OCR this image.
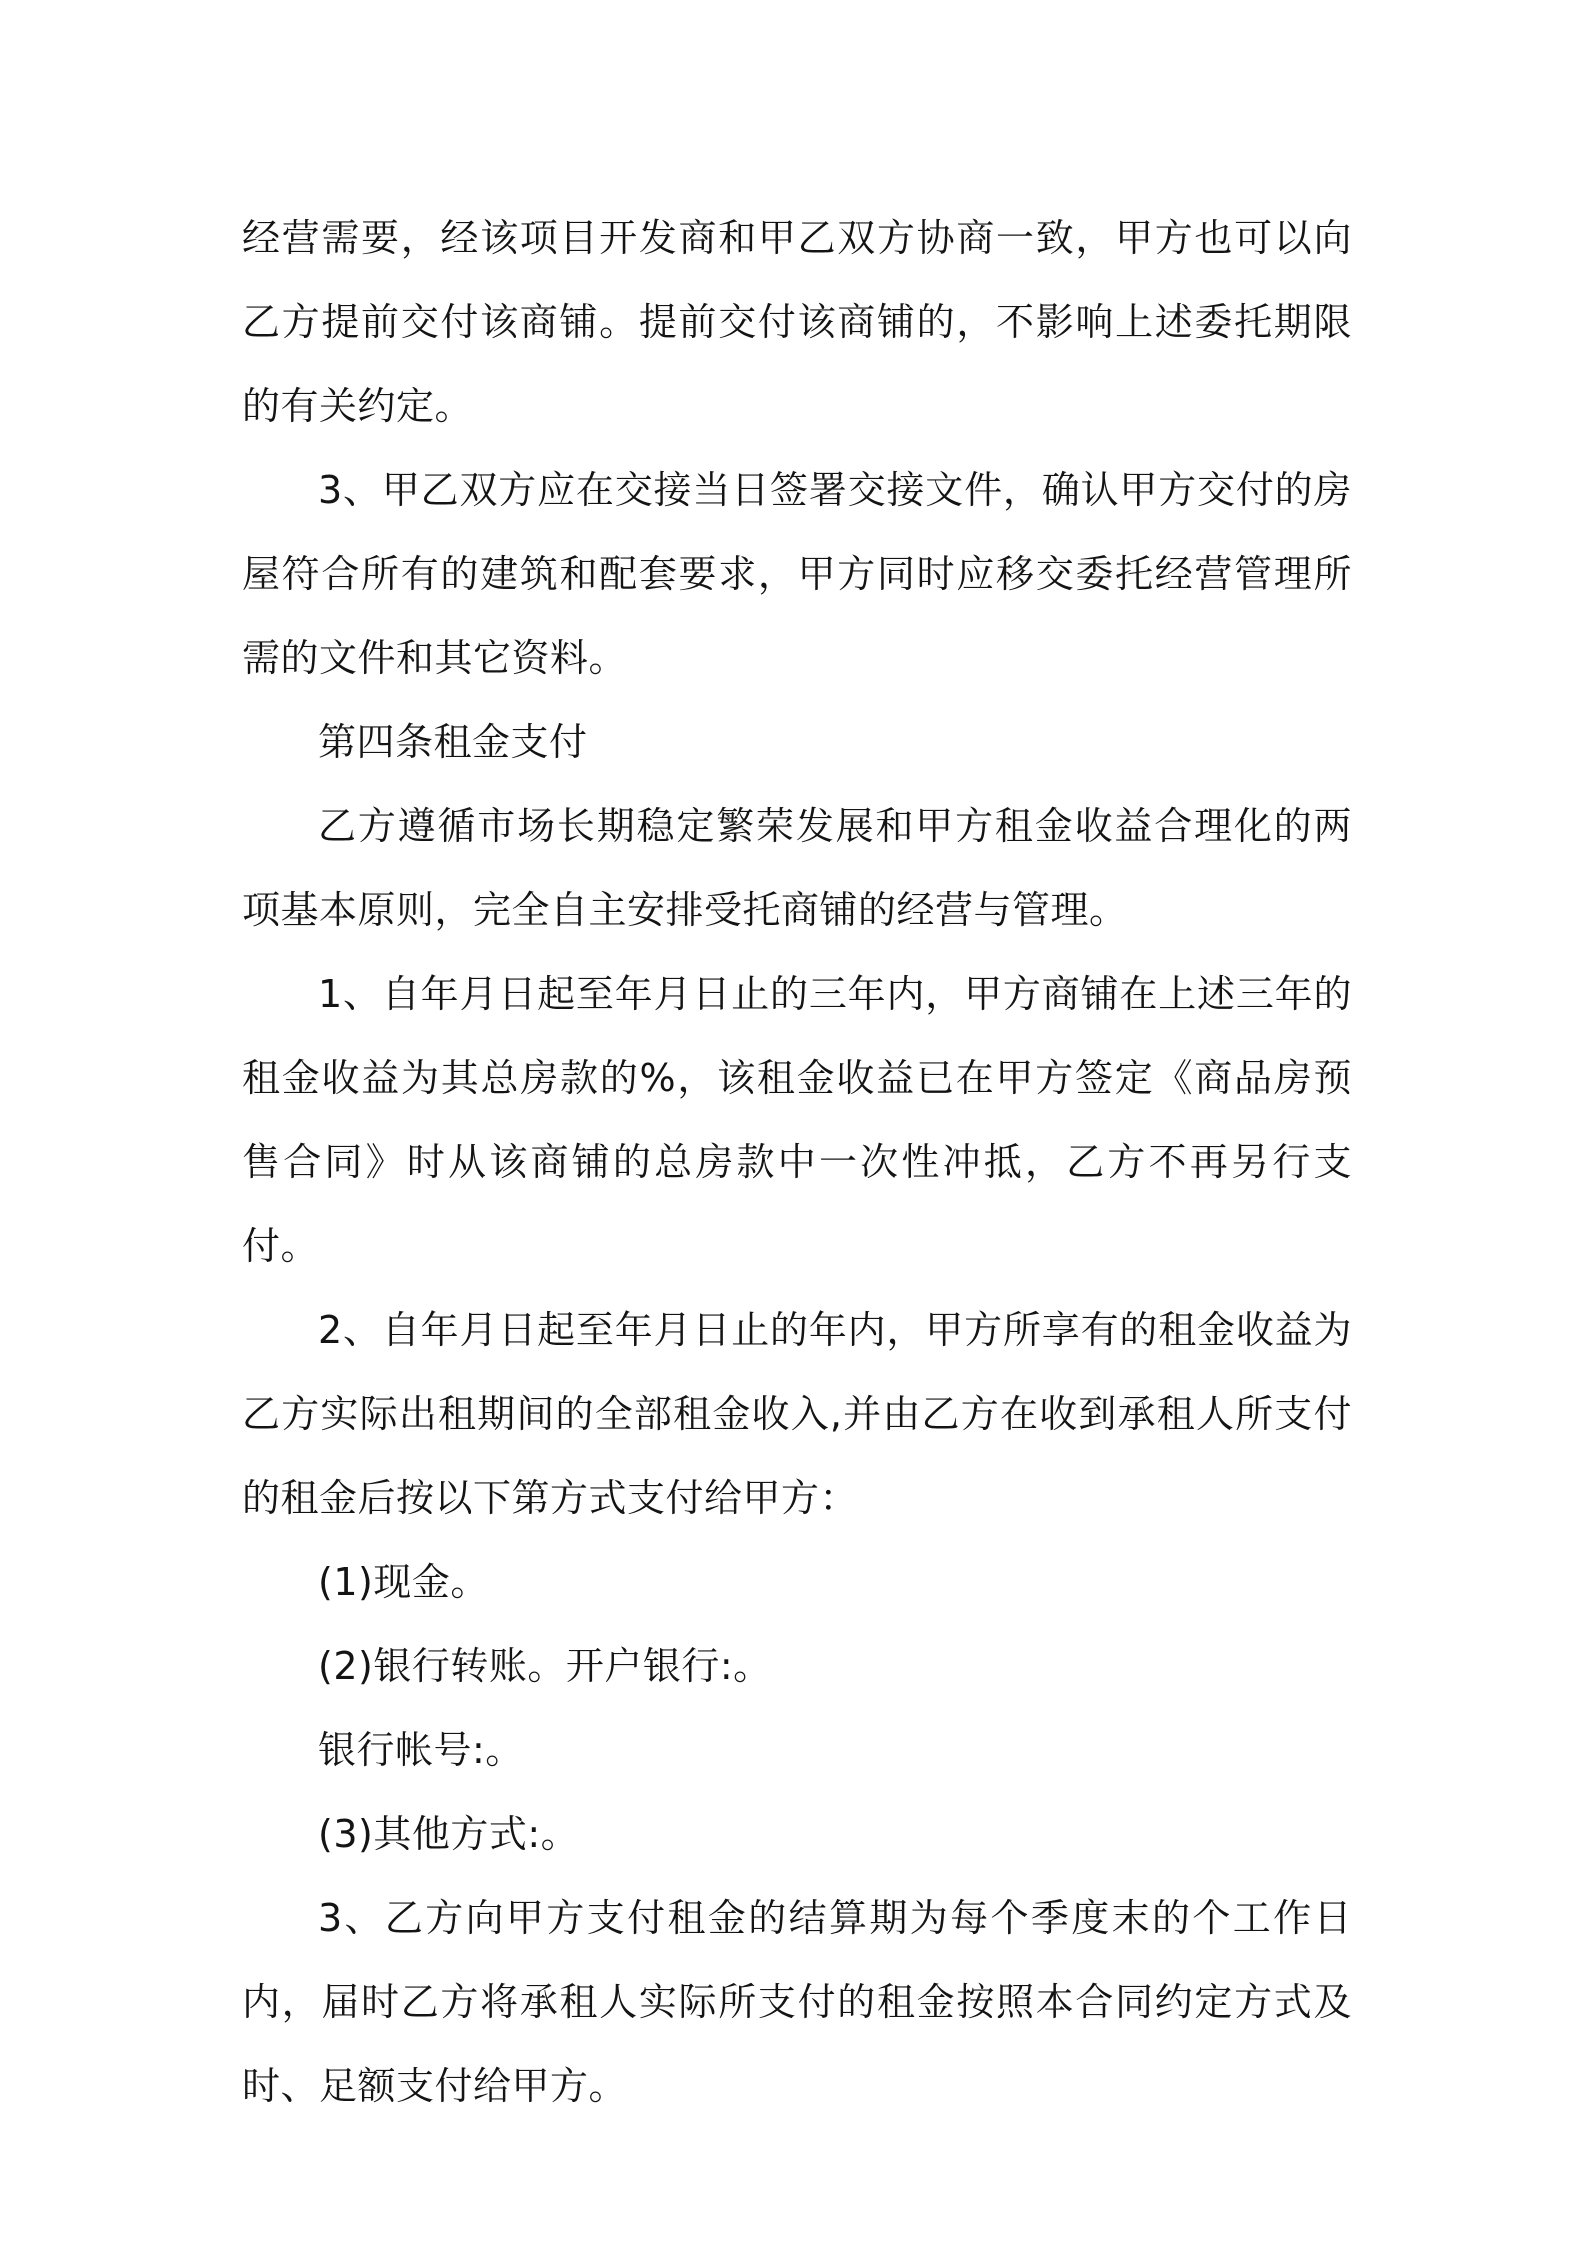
经营需要，经该项目开发商和甲乙双方协商一致，甲方也可以向乙方提前交付该商铺。提前交付该商铺的，不影响上述委托期限的有关约定。

3、甲乙双方应在交接当日签署交接文件，确认甲方交付的房屋符合所有的建筑和配套要求，甲方同时应移交委托经营管理所需的文件和其它资料。

第四条租金支付

乙方遵循市场长期稳定繁荣发展和甲方租金收益合理化的两项基本原则，完全自主安排受托商铺的经营与管理。

1、自年月日起至年月日止的三年内，甲方商铺在上述三年的租金收益为其总房款的%，该租金收益已在甲方签定《商品房预售合同》时从该商铺的总房款中一次性冲抵，乙方不再另行支付。

2、自年月日起至年月日止的年内，甲方所享有的租金收益为乙方实际出租期间的全部租金收入,并由乙方在收到承租人所支付的租金后按以下第方式支付给甲方：

(1)现金。

(2)银行转账。开户银行:。

银行帐号:。

(3)其他方式:。

3、乙方向甲方支付租金的结算期为每个季度末的个工作日内，届时乙方将承租人实际所支付的租金按照本合同约定方式及时、足额支付给甲方。
